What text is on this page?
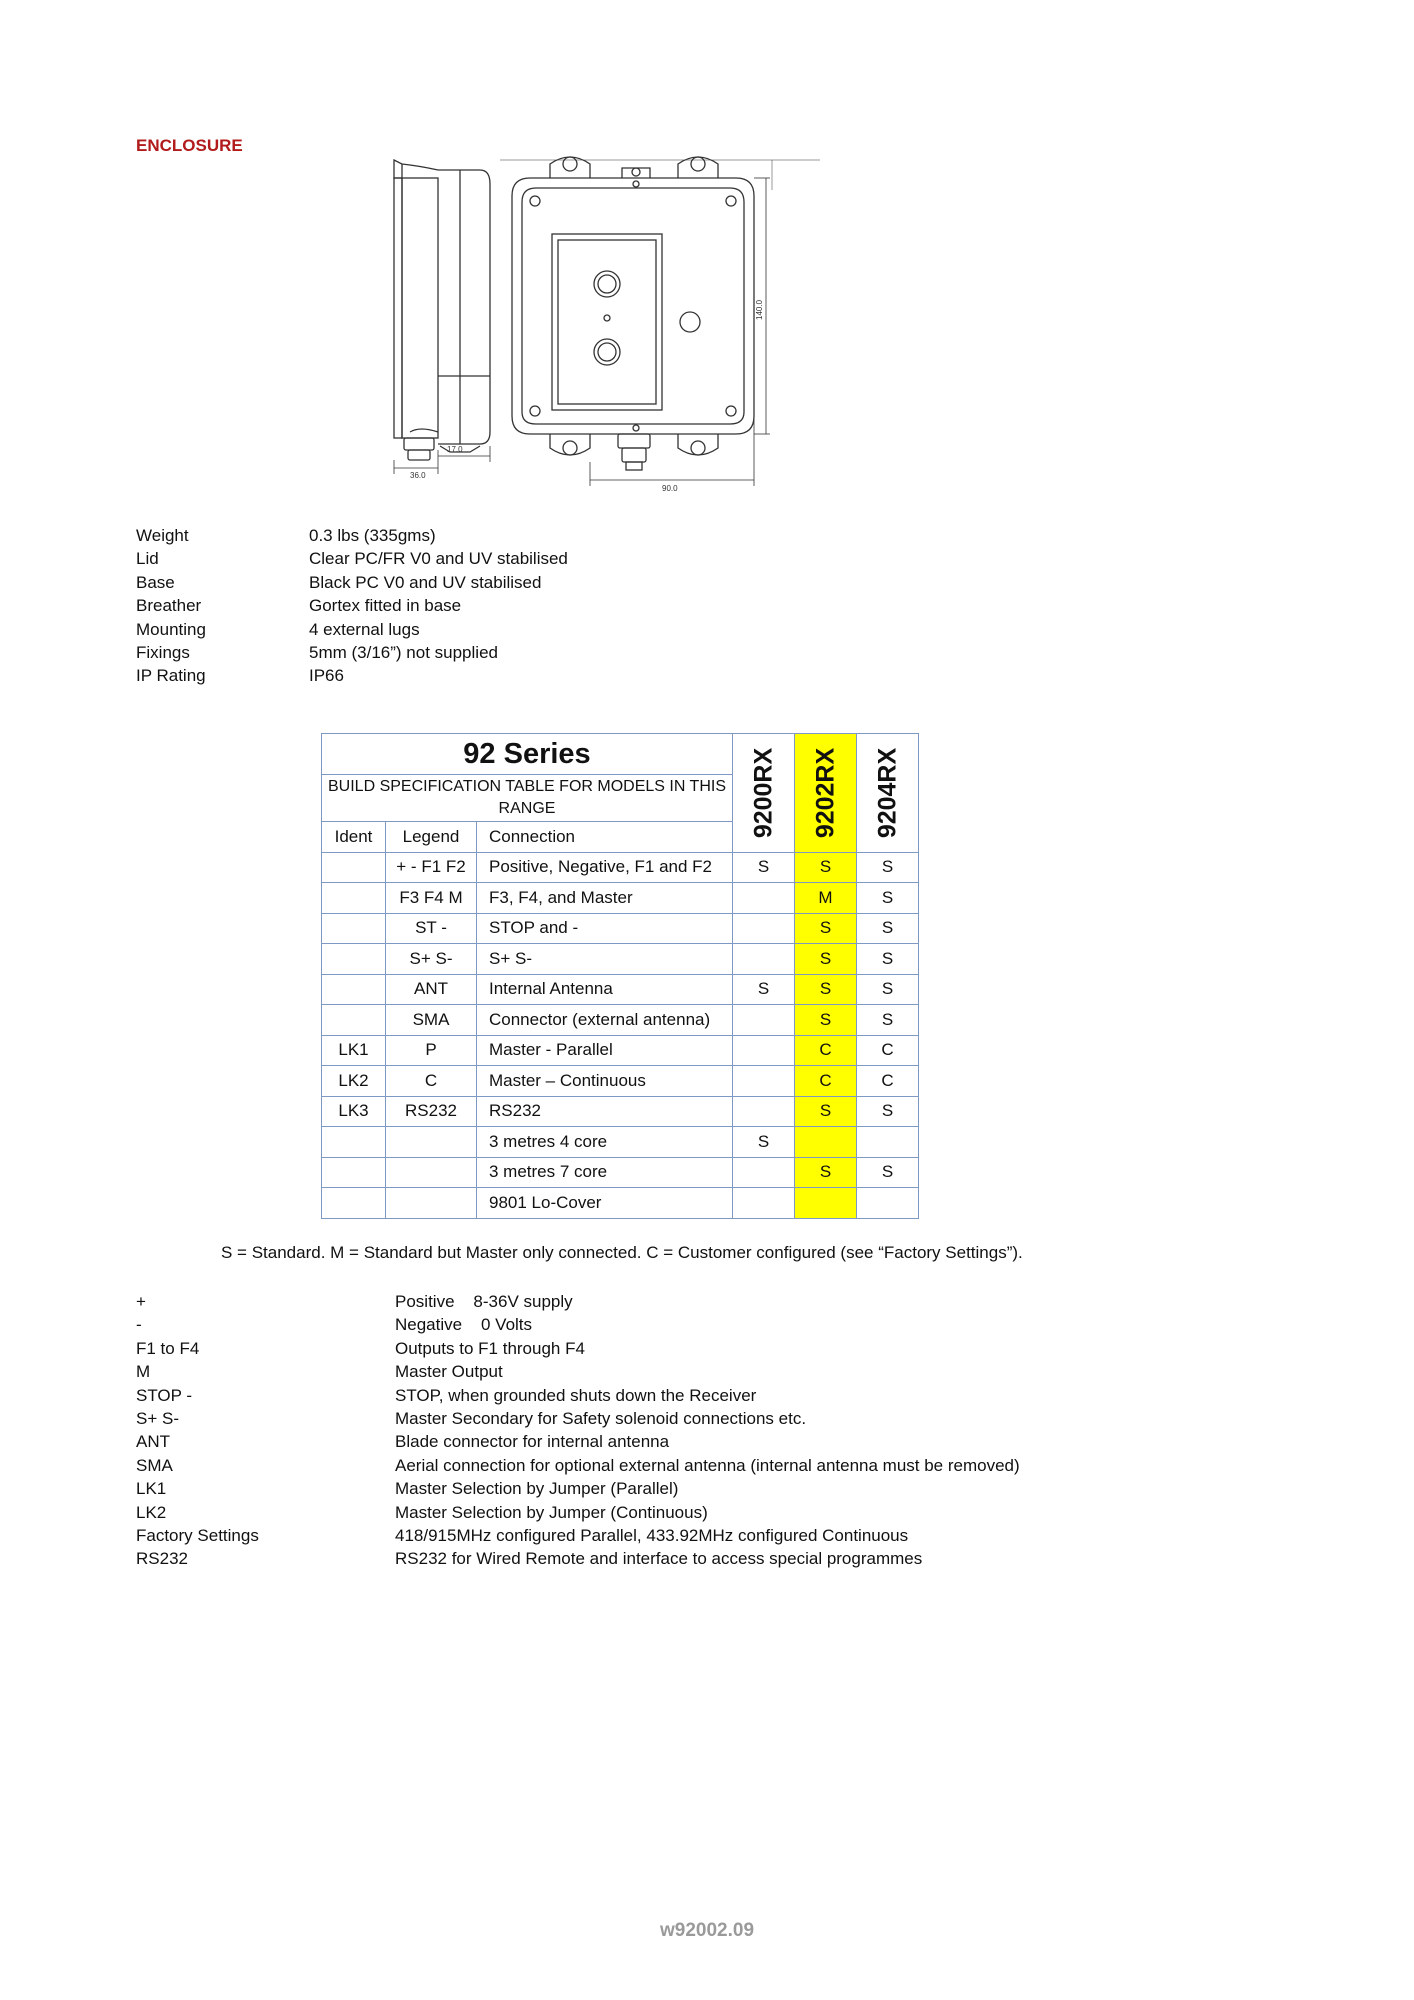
ENCLOSURE
17.0
36.0
90.0
140.0
Weight	0.3 lbs (335gms)
Lid	Clear PC/FR V0 and UV stabilised
Base	Black PC V0 and UV stabilised
Breather	Gortex fitted in base
Mounting	4 external lugs
Fixings	5mm (3/16”) not supplied
IP Rating	IP66
92 Series			9200RX	9202RX	9204RX

BUILD SPECIFICATION TABLE FOR MODELS IN THIS RANGE					
Ident	Legend	Connection			
	+ - F1 F2	Positive, Negative, F1 and F2	S	S	S
	F3 F4 M	F3, F4, and Master		M	S
	ST -	STOP and -		S	S
	S+ S-	S+ S-		S	S
	ANT	Internal Antenna	S	S	S
	SMA	Connector (external antenna)		S	S
LK1	P	Master - Parallel		C	C
LK2	C	Master – Continuous		C	C
LK3	RS232	RS232		S	S
		3 metres 4 core	S		
		3 metres 7 core		S	S
		9801 Lo-Cover			
S = Standard. M = Standard but Master only connected. C = Customer configured (see “Factory Settings”).
+	Positive    8-36V supply
-	Negative    0 Volts
F1 to F4	Outputs to F1 through F4
M	Master Output
STOP -	STOP, when grounded shuts down the Receiver
S+ S-	Master Secondary for Safety solenoid connections etc.
ANT	Blade connector for internal antenna
SMA	Aerial connection for optional external antenna (internal antenna must be removed)
LK1	Master Selection by Jumper (Parallel)
LK2	Master Selection by Jumper (Continuous)
Factory Settings	418/915MHz configured Parallel, 433.92MHz configured Continuous
RS232	RS232 for Wired Remote and interface to access special programmes
w92002.09
